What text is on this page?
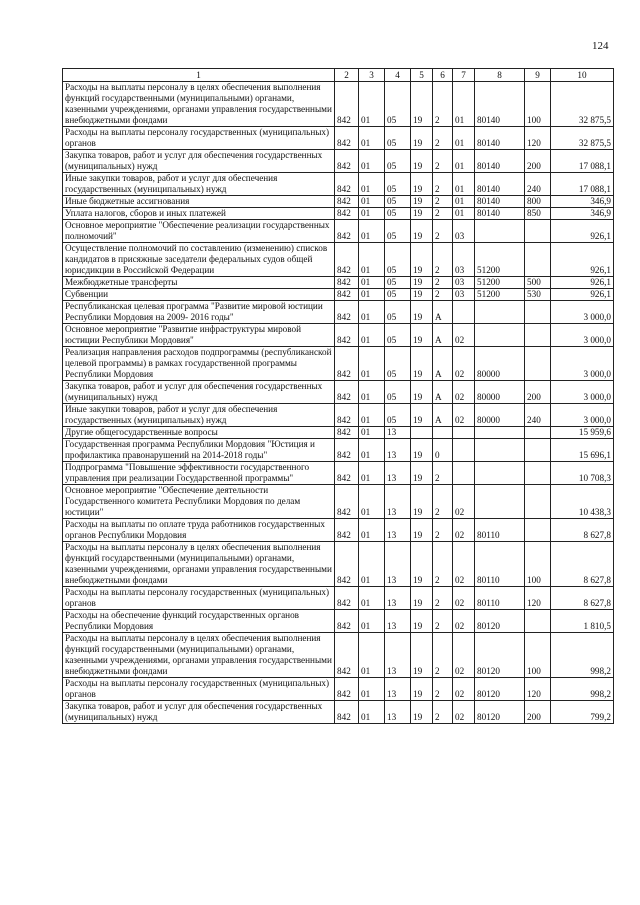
124
1	2	3	4	5	6	7	8	9	10
Расходы на выплаты персоналу в целях обеспечения выполнения функций государственными (муниципальными) органами, казенными учреждениями, органами управления государственными внебюджетными фондами	842	01	05	19	2	01	80140	100	32 875,5
Расходы на выплаты персоналу государственных (муниципальных) органов	842	01	05	19	2	01	80140	120	32 875,5
Закупка товаров, работ и услуг для обеспечения государственных (муниципальных) нужд	842	01	05	19	2	01	80140	200	17 088,1
Иные закупки товаров, работ и услуг для обеспечения государственных (муниципальных) нужд	842	01	05	19	2	01	80140	240	17 088,1
Иные бюджетные ассигнования	842	01	05	19	2	01	80140	800	346,9
Уплата налогов, сборов и иных платежей	842	01	05	19	2	01	80140	850	346,9
Основное мероприятие "Обеспечение реализации государственных полномочий"	842	01	05	19	2	03			926,1
Осуществление полномочий по составлению (изменению) списков кандидатов в присяжные заседатели федеральных судов общей юрисдикции в Российской Федерации	842	01	05	19	2	03	51200		926,1
Межбюджетные трансферты	842	01	05	19	2	03	51200	500	926,1
Субвенции	842	01	05	19	2	03	51200	530	926,1
Республиканская целевая программа "Развитие мировой юстиции Республики Мордовия на 2009- 2016 годы"	842	01	05	19	А				3 000,0
Основное мероприятие "Развитие инфраструктуры мировой юстиции Республики Мордовия"	842	01	05	19	А	02			3 000,0
Реализация направления расходов подпрограммы (республиканской целевой программы) в рамках государственной программы Республики Мордовия	842	01	05	19	А	02	80000		3 000,0
Закупка товаров, работ и услуг для обеспечения государственных (муниципальных) нужд	842	01	05	19	А	02	80000	200	3 000,0
Иные закупки товаров, работ и услуг для обеспечения государственных (муниципальных) нужд	842	01	05	19	А	02	80000	240	3 000,0
Другие общегосударственные вопросы	842	01	13						15 959,6
Государственная программа Республики Мордовия "Юстиция и профилактика правонарушений на 2014-2018 годы"	842	01	13	19	0				15 696,1
Подпрограмма "Повышение эффективности государственного управления при реализации Государственной программы"	842	01	13	19	2				10 708,3
Основное мероприятие "Обеспечение деятельности Государственного комитета Республики Мордовия по делам юстиции"	842	01	13	19	2	02			10 438,3
Расходы на выплаты по оплате труда работников государственных органов Республики Мордовия	842	01	13	19	2	02	80110		8 627,8
Расходы на выплаты персоналу в целях обеспечения выполнения функций государственными (муниципальными) органами, казенными учреждениями, органами управления государственными внебюджетными фондами	842	01	13	19	2	02	80110	100	8 627,8
Расходы на выплаты персоналу государственных (муниципальных) органов	842	01	13	19	2	02	80110	120	8 627,8
Расходы на обеспечение функций государственных органов Республики Мордовия	842	01	13	19	2	02	80120		1 810,5
Расходы на выплаты персоналу в целях обеспечения выполнения функций государственными (муниципальными) органами, казенными учреждениями, органами управления государственными внебюджетными фондами	842	01	13	19	2	02	80120	100	998,2
Расходы на выплаты персоналу государственных (муниципальных) органов	842	01	13	19	2	02	80120	120	998,2
Закупка товаров, работ и услуг для обеспечения государственных (муниципальных) нужд	842	01	13	19	2	02	80120	200	799,2
